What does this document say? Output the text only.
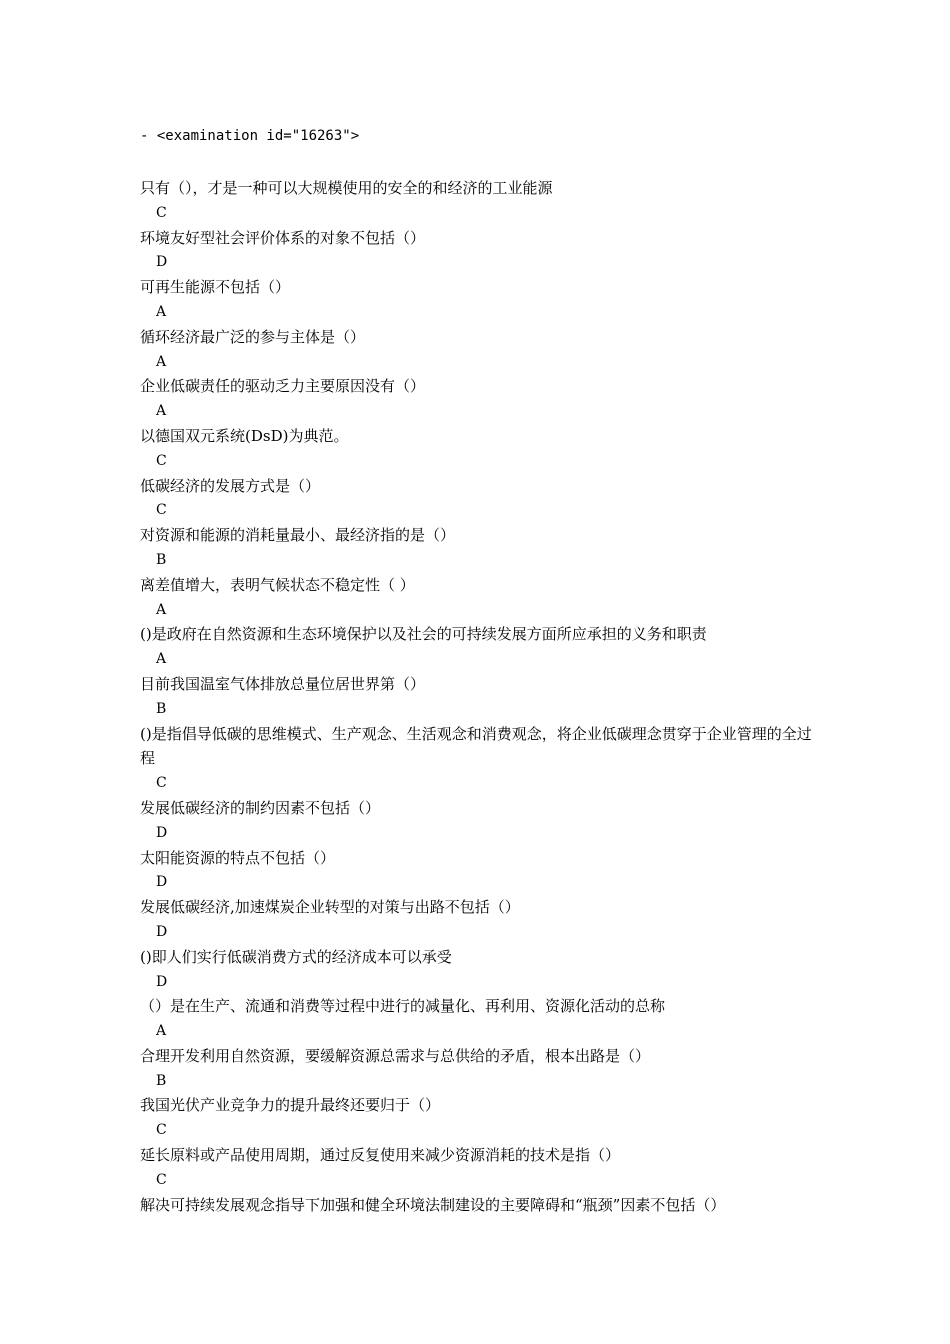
- <examination id="16263">

只有（），才是一种可以大规模使用的安全的和经济的工业能源

C

环境友好型社会评价体系的对象不包括（）

D

可再生能源不包括（）

A

循环经济最广泛的参与主体是（）

A

企业低碳责任的驱动乏力主要原因没有（）

A

以德国双元系统(DsD)为典范。

C

低碳经济的发展方式是（）

C

对资源和能源的消耗量最小、最经济指的是（）

B

离差值增大，表明气候状态不稳定性（ ）

A

()是政府在自然资源和生态环境保护以及社会的可持续发展方面所应承担的义务和职责

A

目前我国温室气体排放总量位居世界第（）

B

()是指倡导低碳的思维模式、生产观念、生活观念和消费观念，将企业低碳理念贯穿于企业管理的全过程

C

发展低碳经济的制约因素不包括（）

D

太阳能资源的特点不包括（）

D

发展低碳经济,加速煤炭企业转型的对策与出路不包括（）

D

()即人们实行低碳消费方式的经济成本可以承受

D

（）是在生产、流通和消费等过程中进行的减量化、再利用、资源化活动的总称

A

合理开发利用自然资源，要缓解资源总需求与总供给的矛盾，根本出路是（）

B

我国光伏产业竞争力的提升最终还要归于（）

C

延长原料或产品使用周期，通过反复使用来减少资源消耗的技术是指（）

C

解决可持续发展观念指导下加强和健全环境法制建设的主要障碍和“瓶颈”因素不包括（）
